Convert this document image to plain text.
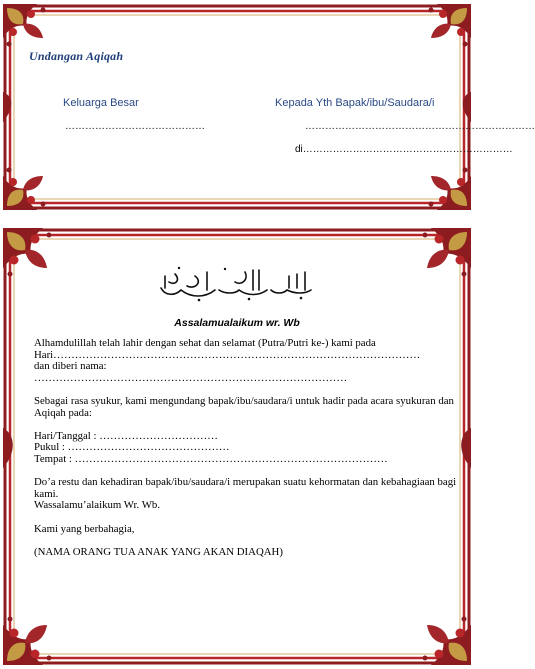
Undangan Aqiqah
Keluarga Besar
……………………………………
Kepada Yth Bapak/ibu/Saudara/i
……………………………………………………………
di………………………………………………………
Assalamualaikum wr. Wb
Alhamdulillah telah lahir dengan sehat dan selamat (Putra/Putri ke-) kami pada
Hari…………………………………………………………………………………………
dan diberi nama:
……………………………………………………………………………

Sebagai rasa syukur, kami mengundang bapak/ibu/saudara/i untuk hadir pada acara syukuran dan
Aqiqah pada:

Hari/Tanggal : ……………………………
Pukul : ………………………………………
Tempat : ……………………………………………………………………………

Do’a restu dan kehadiran bapak/ibu/saudara/i merupakan suatu kehormatan dan kebahagiaan bagi
kami.
Wassalamu’alaikum Wr. Wb.

Kami yang berbahagia,

(NAMA ORANG TUA ANAK YANG AKAN DIAQAH)
